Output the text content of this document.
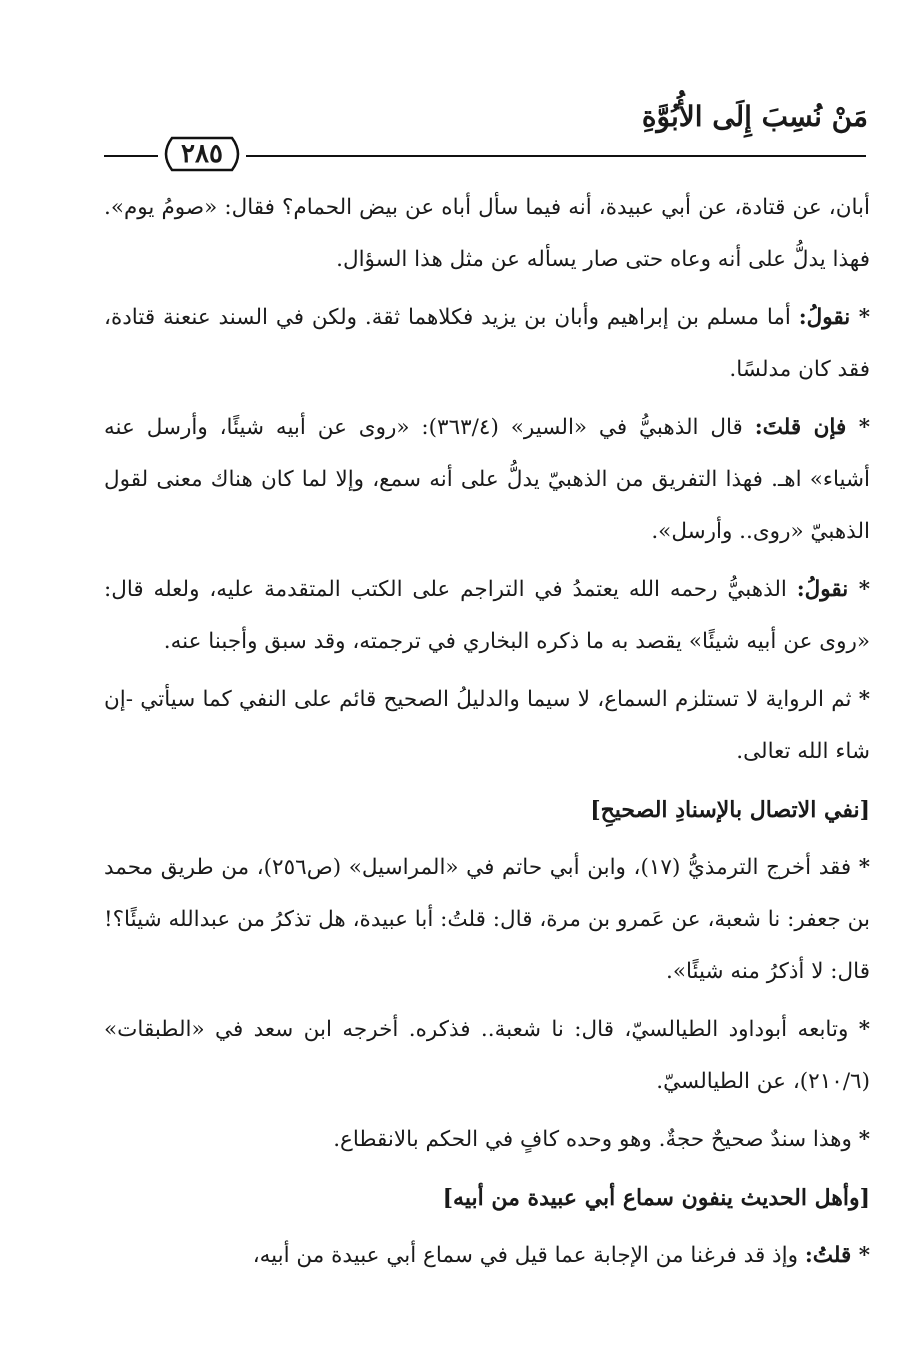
مَنْ نُسِبَ إِلَى الأُبُوَّةِ
٢٨٥

أبان، عن قتادة، عن أبي عبيدة، أنه فيما سأل أباه عن بيض الحمام؟ فقال: «صومُ يوم». فهذا يدلُّ على أنه وعاه حتى صار يسأله عن مثل هذا السؤال.

* نقولُ: أما مسلم بن إبراهيم وأبان بن يزيد فكلاهما ثقة. ولكن في السند عنعنة قتادة، فقد كان مدلسًا.

* فإن قلتَ: قال الذهبيُّ في «السير» (٣٦٣/٤): «روى عن أبيه شيئًا، وأرسل عنه أشياء» اهـ. فهذا التفريق من الذهبيّ يدلُّ على أنه سمع، وإلا لما كان هناك معنى لقول الذهبيّ «روى.. وأرسل».

* نقولُ: الذهبيُّ رحمه الله يعتمدُ في التراجم على الكتب المتقدمة عليه، ولعله قال: «روى عن أبيه شيئًا» يقصد به ما ذكره البخاري في ترجمته، وقد سبق وأجبنا عنه.

* ثم الرواية لا تستلزم السماع، لا سيما والدليلُ الصحيح قائم على النفي كما سيأتي -إن شاء الله تعالى.

[نفي الاتصال بالإسنادِ الصحيحِ]

* فقد أخرج الترمذيُّ (١٧)، وابن أبي حاتم في «المراسيل» (ص٢٥٦)، من طريق محمد بن جعفر: نا شعبة، عن عَمرو بن مرة، قال: قلتُ: أبا عبيدة، هل تذكرُ من عبدالله شيئًا؟! قال: لا أذكرُ منه شيئًا».

* وتابعه أبوداود الطيالسيّ، قال: نا شعبة.. فذكره. أخرجه ابن سعد في «الطبقات» (٢١٠/٦)، عن الطيالسيّ.

* وهذا سندٌ صحيحٌ حجةٌ. وهو وحده كافٍ في الحكم بالانقطاع.

[وأهل الحديث ينفون سماع أبي عبيدة من أبيه]

* قلتُ: وإذ قد فرغنا من الإجابة عما قيل في سماع أبي عبيدة من أبيه،
